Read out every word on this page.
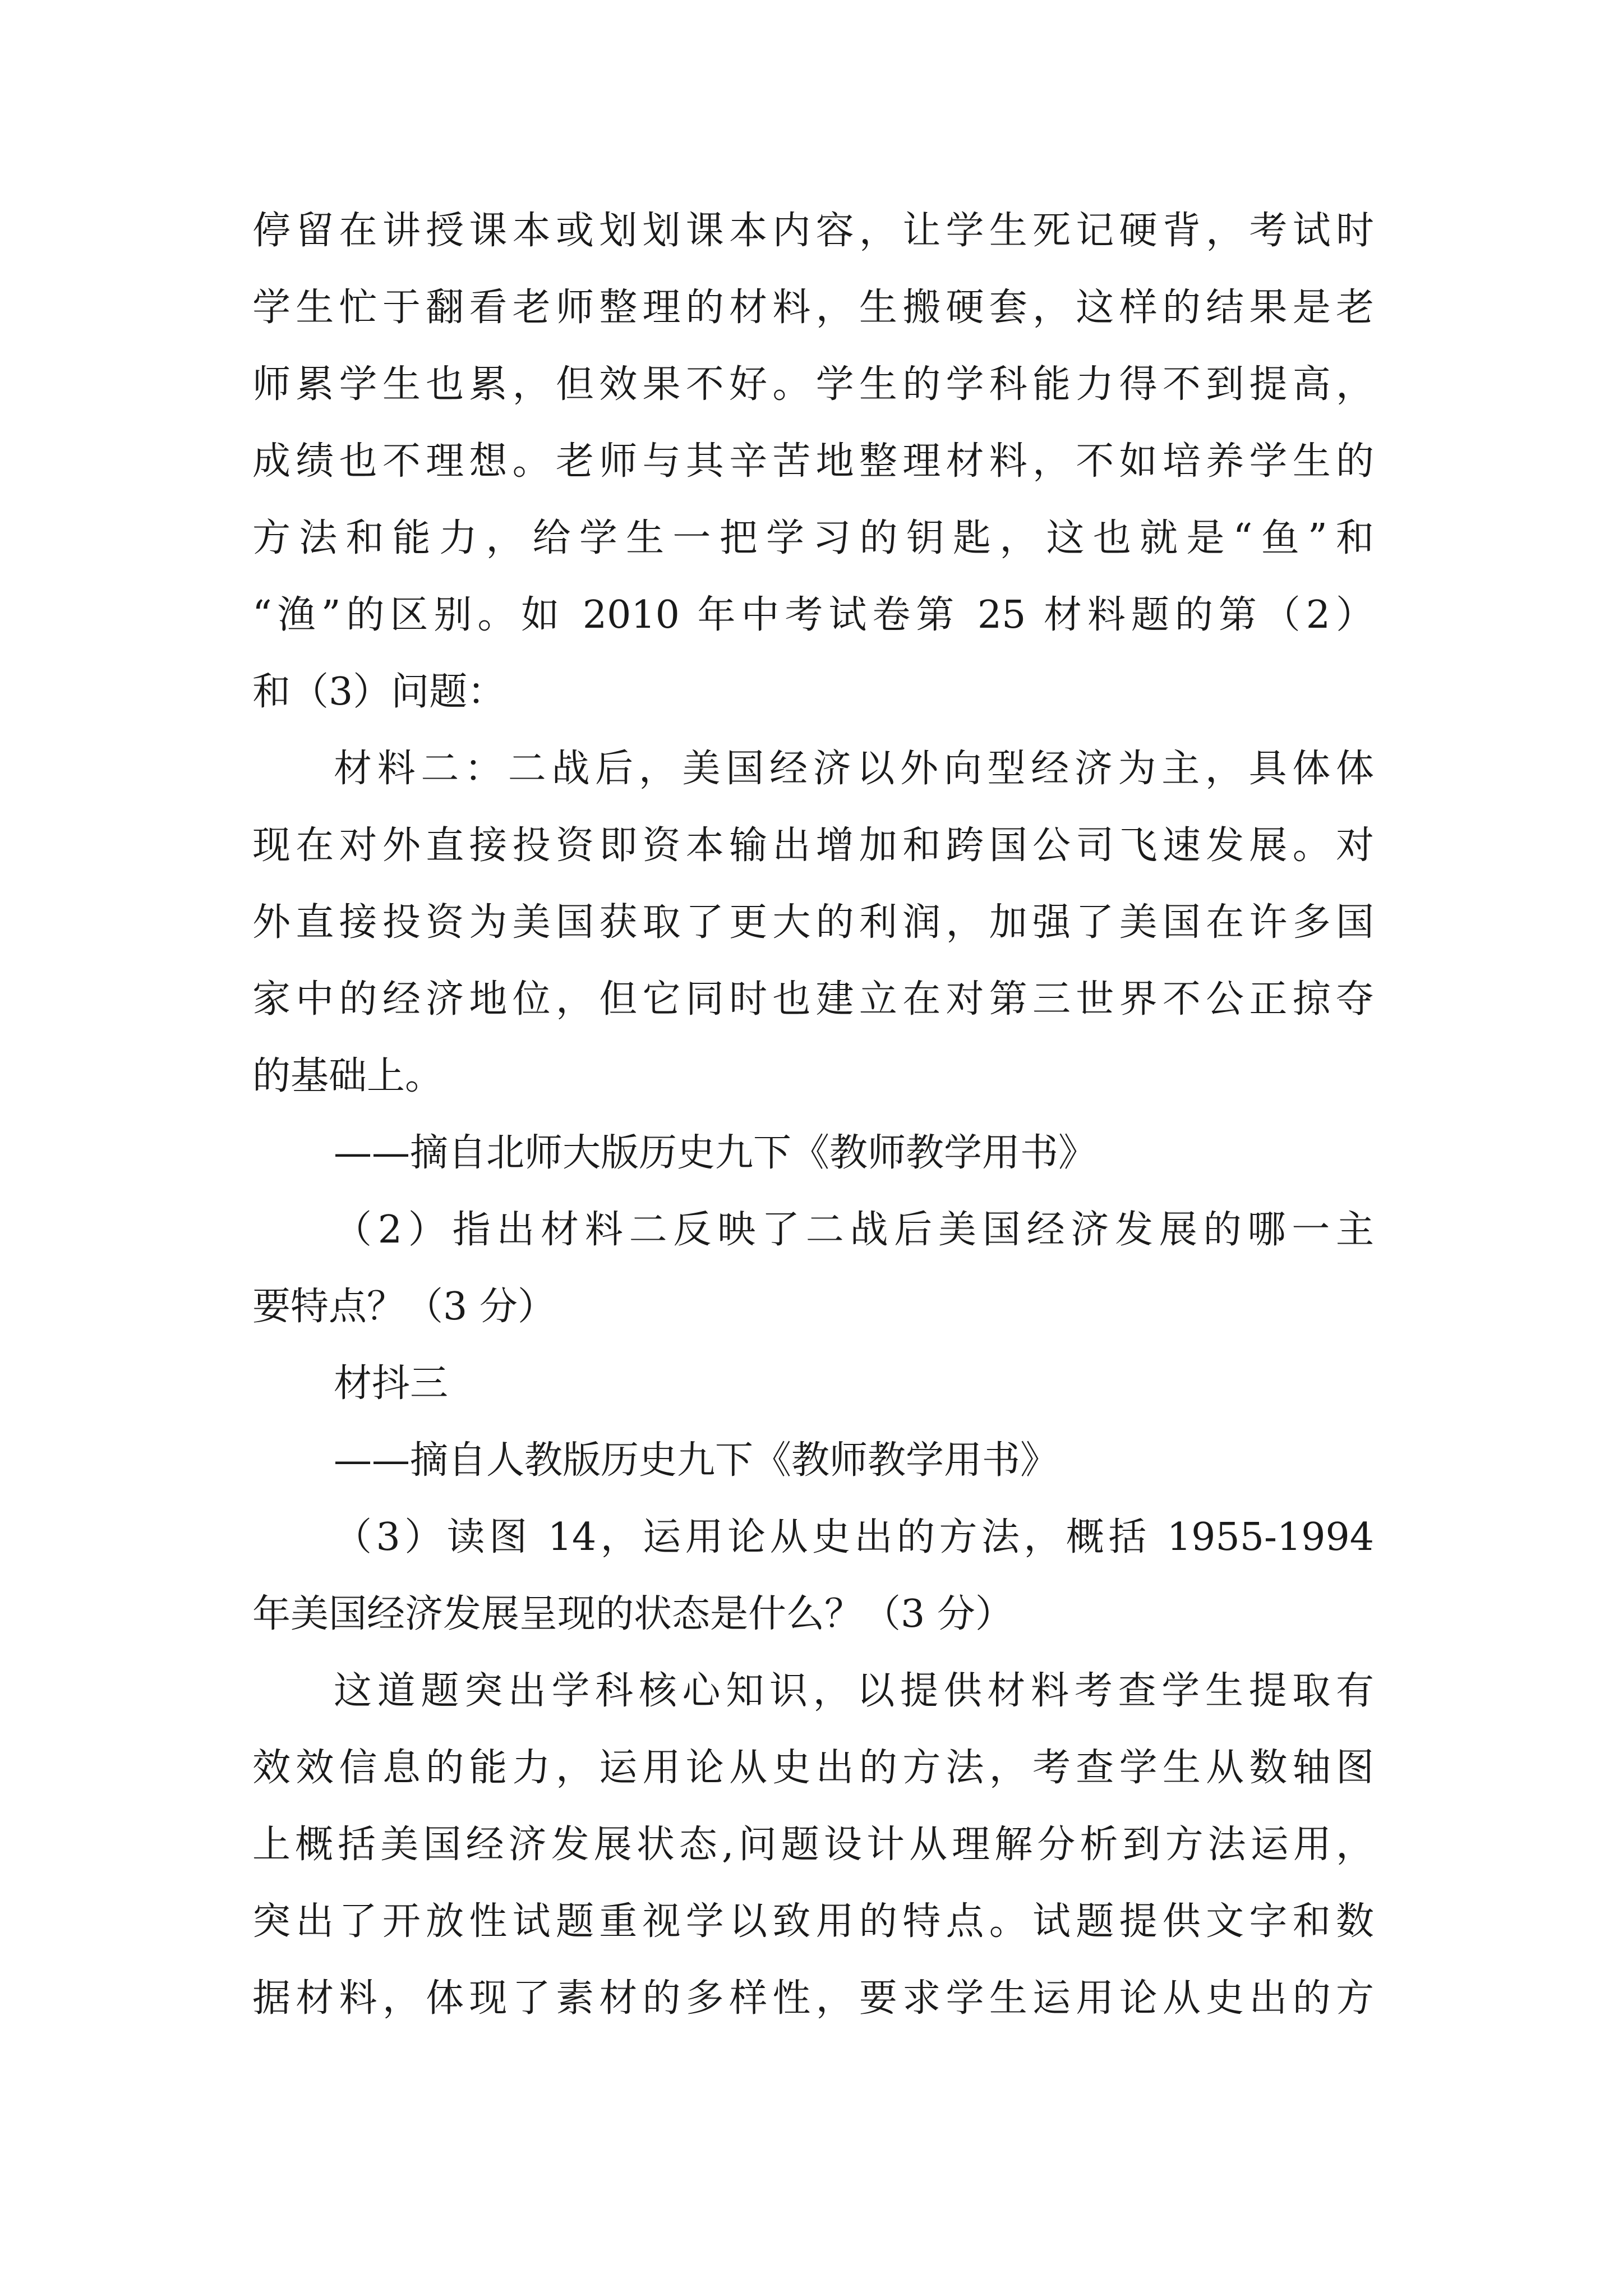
停留在讲授课本或划划课本内容，让学生死记硬背，考试时
学生忙于翻看老师整理的材料，生搬硬套，这样的结果是老
师累学生也累，但效果不好。学生的学科能力得不到提高，
成绩也不理想。老师与其辛苦地整理材料，不如培养学生的
方法和能力，给学生一把学习的钥匙，这也就是“鱼”和
“渔”的区别。如 2010 年中考试卷第 25 材料题的第（2）
和（3）问题：
材料二：二战后，美国经济以外向型经济为主，具体体
现在对外直接投资即资本输出增加和跨国公司飞速发展。对
外直接投资为美国获取了更大的利润，加强了美国在许多国
家中的经济地位，但它同时也建立在对第三世界不公正掠夺
的基础上。
——摘自北师大版历史九下《教师教学用书》
（2）指出材料二反映了二战后美国经济发展的哪一主
要特点？（3 分）
材抖三
——摘自人教版历史九下《教师教学用书》
（3）读图 14，运用论从史出的方法，概括 1955-1994
年美国经济发展呈现的状态是什么？（3 分）
这道题突出学科核心知识，以提供材料考查学生提取有
效效信息的能力，运用论从史出的方法，考查学生从数轴图
上概括美国经济发展状态,问题设计从理解分析到方法运用，
突出了开放性试题重视学以致用的特点。试题提供文字和数
据材料，体现了素材的多样性，要求学生运用论从史出的方
